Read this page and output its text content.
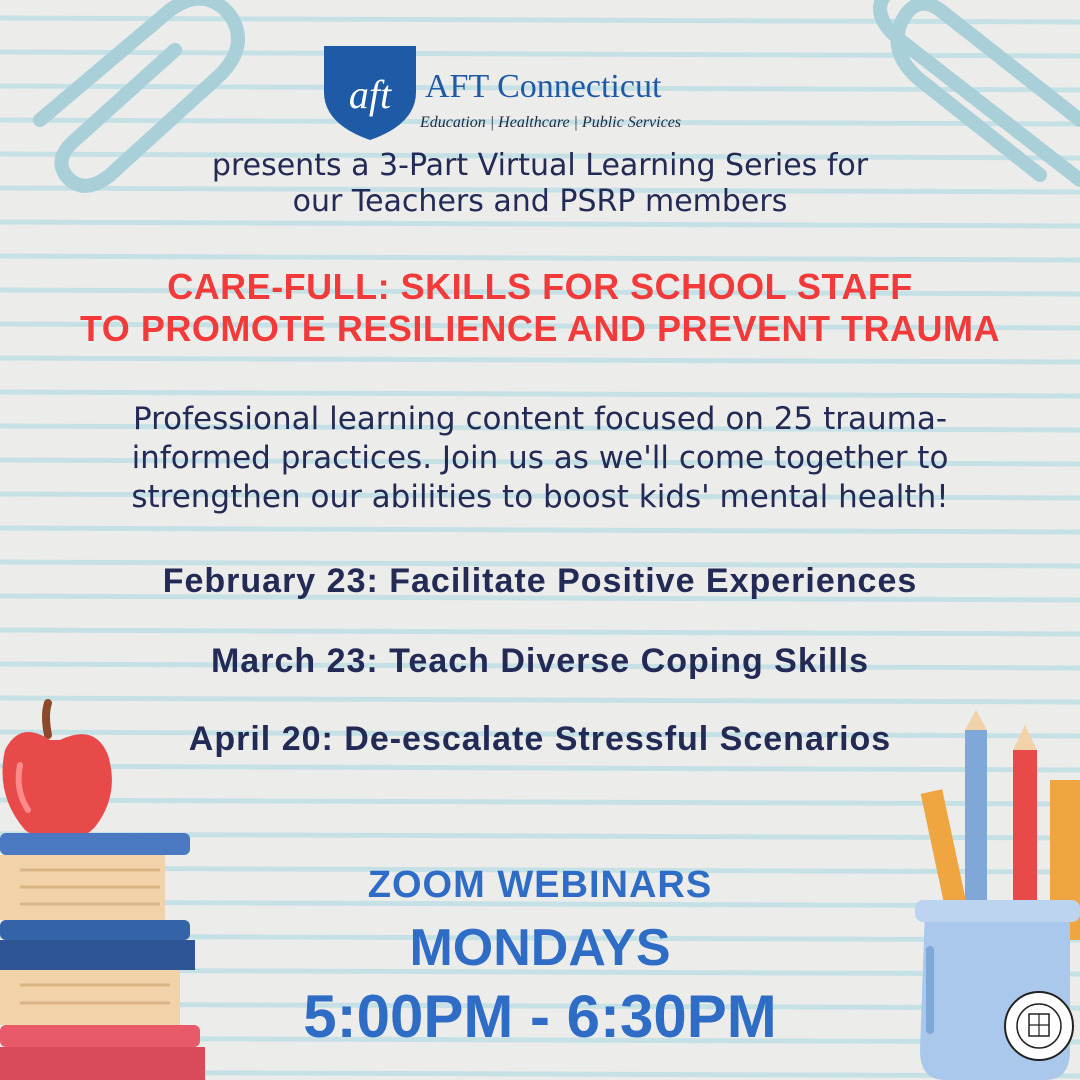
aft AFT Connecticut
Education | Healthcare | Public Services
presents a 3-Part Virtual Learning Series for
our Teachers and PSRP members
CARE-FULL: SKILLS FOR SCHOOL STAFF
TO PROMOTE RESILIENCE AND PREVENT TRAUMA
Professional learning content focused on 25 trauma-
informed practices. Join us as we'll come together to
strengthen our abilities to boost kids' mental health!
February 23: Facilitate Positive Experiences
March 23: Teach Diverse Coping Skills
April 20: De-escalate Stressful Scenarios
ZOOM WEBINARS
MONDAYS
5:00PM - 6:30PM
